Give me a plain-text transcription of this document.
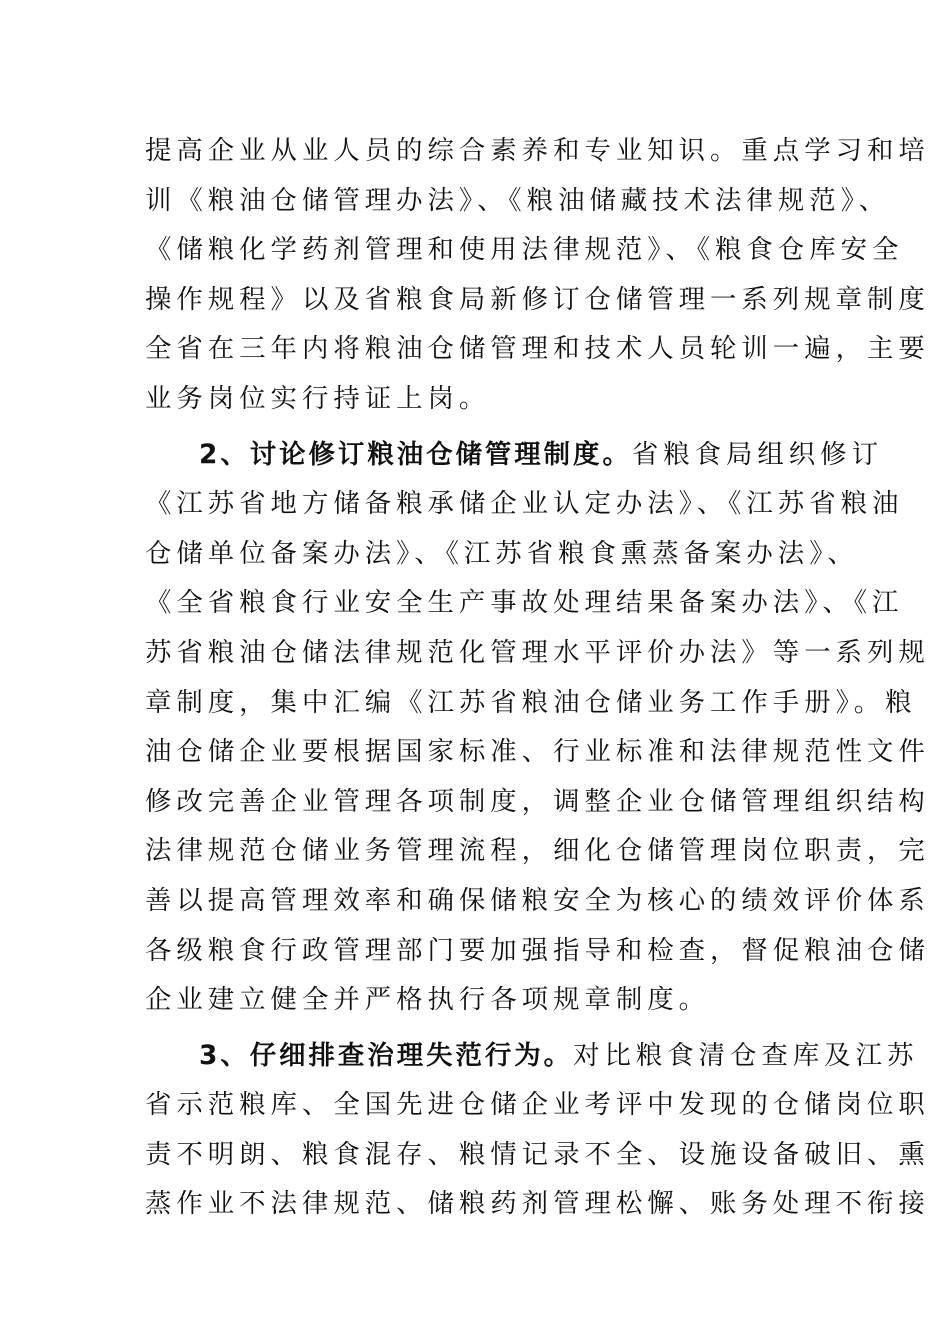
提高企业从业人员的综合素养和专业知识。重点学习和培
训《粮油仓储管理办法》、《粮油储藏技术法律规范》、
《储粮化学药剂管理和使用法律规范》、《粮食仓库安全
操作规程》以及省粮食局新修订仓储管理一系列规章制度
全省在三年内将粮油仓储管理和技术人员轮训一遍，主要
业务岗位实行持证上岗。
2、讨论修订粮油仓储管理制度。省粮食局组织修订
《江苏省地方储备粮承储企业认定办法》、《江苏省粮油
仓储单位备案办法》、《江苏省粮食熏蒸备案办法》、
《全省粮食行业安全生产事故处理结果备案办法》、《江
苏省粮油仓储法律规范化管理水平评价办法》等一系列规
章制度，集中汇编《江苏省粮油仓储业务工作手册》。粮
油仓储企业要根据国家标准、行业标准和法律规范性文件
修改完善企业管理各项制度，调整企业仓储管理组织结构
法律规范仓储业务管理流程，细化仓储管理岗位职责，完
善以提高管理效率和确保储粮安全为核心的绩效评价体系
各级粮食行政管理部门要加强指导和检查，督促粮油仓储
企业建立健全并严格执行各项规章制度。
3、仔细排查治理失范行为。对比粮食清仓查库及江苏
省示范粮库、全国先进仓储企业考评中发现的仓储岗位职
责不明朗、粮食混存、粮情记录不全、设施设备破旧、熏
蒸作业不法律规范、储粮药剂管理松懈、账务处理不衔接
